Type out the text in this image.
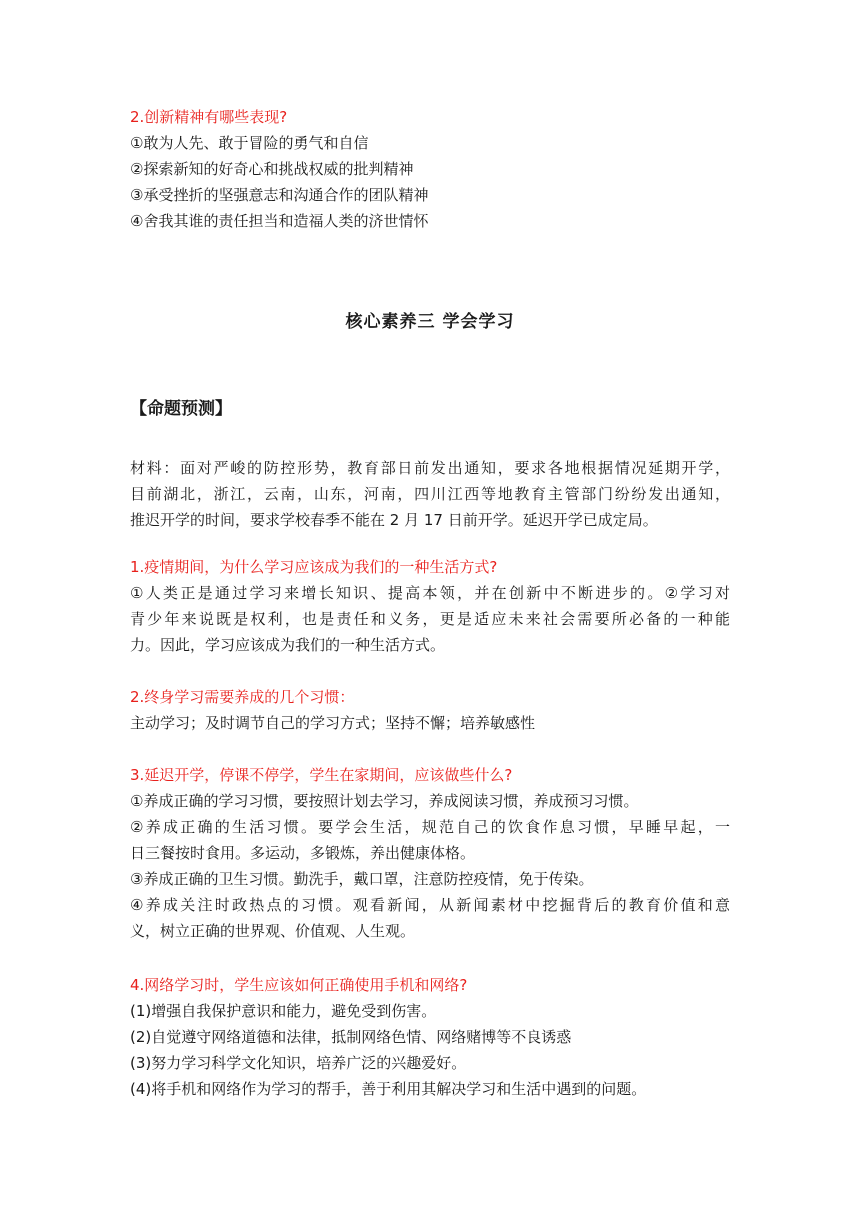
2.创新精神有哪些表现?
①敢为人先、敢于冒险的勇气和自信
②探索新知的好奇心和挑战权威的批判精神
③承受挫折的坚强意志和沟通合作的团队精神
④舍我其谁的责任担当和造福人类的济世情怀
核心素养三 学会学习
【命题预测】
材料：面对严峻的防控形势，教育部日前发出通知，要求各地根据情况延期开学，
目前湖北，浙江，云南，山东，河南，四川江西等地教育主管部门纷纷发出通知，
推迟开学的时间，要求学校春季不能在 2 月 17 日前开学。延迟开学已成定局。
1.疫情期间，为什么学习应该成为我们的一种生活方式?
①人类正是通过学习来增长知识、提高本领，并在创新中不断进步的。②学习对
青少年来说既是权利，也是责任和义务，更是适应未来社会需要所必备的一种能
力。因此，学习应该成为我们的一种生活方式。
2.终身学习需要养成的几个习惯：
主动学习；及时调节自己的学习方式；坚持不懈；培养敏感性
3.延迟开学，停课不停学，学生在家期间，应该做些什么?
①养成正确的学习习惯，要按照计划去学习，养成阅读习惯，养成预习习惯。
②养成正确的生活习惯。要学会生活，规范自己的饮食作息习惯，早睡早起，一
日三餐按时食用。多运动，多锻炼，养出健康体格。
③养成正确的卫生习惯。勤洗手，戴口罩，注意防控疫情，免于传染。
④养成关注时政热点的习惯。观看新闻，从新闻素材中挖掘背后的教育价值和意
义，树立正确的世界观、价值观、人生观。
4.网络学习时，学生应该如何正确使用手机和网络?
(1)增强自我保护意识和能力，避免受到伤害。
(2)自觉遵守网络道德和法律，抵制网络色情、网络赌博等不良诱惑
(3)努力学习科学文化知识，培养广泛的兴趣爱好。
(4)将手机和网络作为学习的帮手，善于利用其解决学习和生活中遇到的问题。
